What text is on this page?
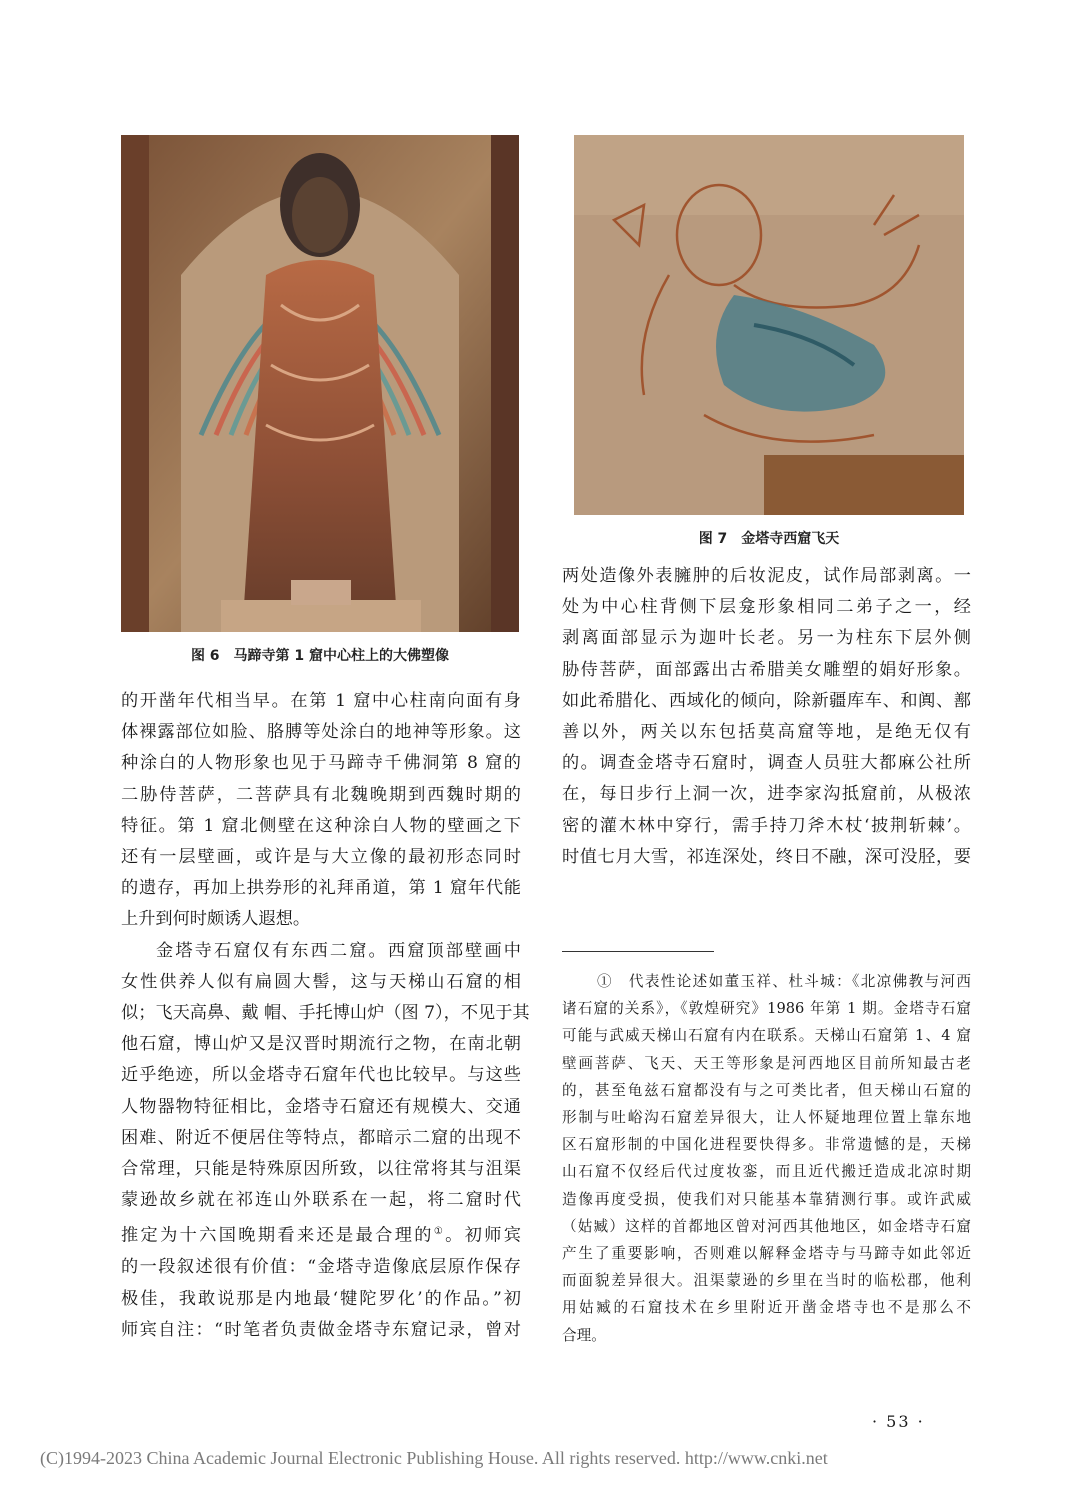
图 6　马蹄寺第 1 窟中心柱上的大佛塑像
图 7　金塔寺西窟飞天

的开凿年代相当早。在第 1 窟中心柱南向面有身
体裸露部位如脸、胳膊等处涂白的地神等形象。这
种涂白的人物形象也见于马蹄寺千佛洞第 8 窟的
二胁侍菩萨，二菩萨具有北魏晚期到西魏时期的
特征。第 1 窟北侧壁在这种涂白人物的壁画之下
还有一层壁画，或许是与大立像的最初形态同时
的遗存，再加上拱券形的礼拜甬道，第 1 窟年代能
上升到何时颇诱人遐想。

金塔寺石窟仅有东西二窟。西窟顶部壁画中
女性供养人似有扁圆大髻，这与天梯山石窟的相
似；飞天高鼻、戴 帽、手托博山炉（图 7），不见于其
他石窟，博山炉又是汉晋时期流行之物，在南北朝
近乎绝迹，所以金塔寺石窟年代也比较早。与这些
人物器物特征相比，金塔寺石窟还有规模大、交通
困难、附近不便居住等特点，都暗示二窟的出现不
合常理，只能是特殊原因所致，以往常将其与沮渠
蒙逊故乡就在祁连山外联系在一起，将二窟时代
推定为十六国晚期看来还是最合理的①。初师宾
的一段叙述很有价值：“金塔寺造像底层原作保存
极佳，我敢说那是内地最‘犍陀罗化’的作品。”初
师宾自注：“时笔者负责做金塔寺东窟记录，曾对

两处造像外表臃肿的后妆泥皮，试作局部剥离。一
处为中心柱背侧下层龛形象相同二弟子之一，经
剥离面部显示为迦叶长老。另一为柱东下层外侧
胁侍菩萨，面部露出古希腊美女雕塑的娟好形象。
如此希腊化、西域化的倾向，除新疆库车、和阗、鄯
善以外，两关以东包括莫高窟等地，是绝无仅有
的。调查金塔寺石窟时，调查人员驻大都麻公社所
在，每日步行上洞一次，进李家沟抵窟前，从极浓
密的灌木林中穿行，需手持刀斧木杖‘披荆斩棘’。
时值七月大雪，祁连深处，终日不融，深可没胫，要

①　代表性论述如董玉祥、杜斗城：《北凉佛教与河西
诸石窟的关系》，《敦煌研究》1986 年第 1 期。金塔寺石窟
可能与武威天梯山石窟有内在联系。天梯山石窟第 1、4 窟
壁画菩萨、飞天、天王等形象是河西地区目前所知最古老
的，甚至龟兹石窟都没有与之可类比者，但天梯山石窟的
形制与吐峪沟石窟差异很大，让人怀疑地理位置上靠东地
区石窟形制的中国化进程要快得多。非常遗憾的是，天梯
山石窟不仅经后代过度妆銮，而且近代搬迁造成北凉时期
造像再度受损，使我们对只能基本靠猜测行事。或许武威
（姑臧）这样的首都地区曾对河西其他地区，如金塔寺石窟
产生了重要影响，否则难以解释金塔寺与马蹄寺如此邻近
而面貌差异很大。沮渠蒙逊的乡里在当时的临松郡，他利
用姑臧的石窟技术在乡里附近开凿金塔寺也不是那么不
合理。
· 53 ·
(C)1994-2023 China Academic Journal Electronic Publishing House. All rights reserved. http://www.cnki.net
